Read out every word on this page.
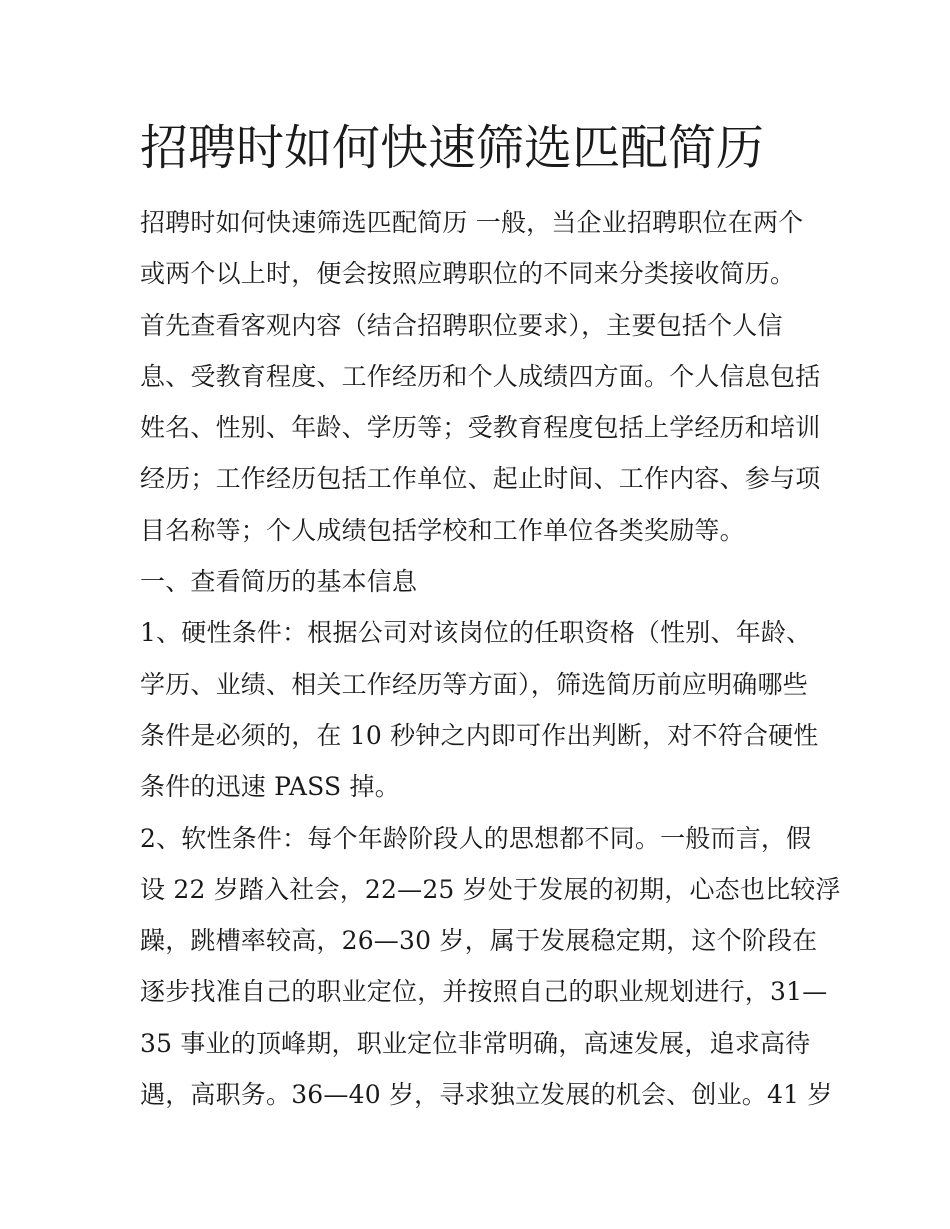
招聘时如何快速筛选匹配简历
招聘时如何快速筛选匹配简历 一般，当企业招聘职位在两个
或两个以上时，便会按照应聘职位的不同来分类接收简历。
首先查看客观内容（结合招聘职位要求），主要包括个人信
息、受教育程度、工作经历和个人成绩四方面。个人信息包括
姓名、性别、年龄、学历等；受教育程度包括上学经历和培训
经历；工作经历包括工作单位、起止时间、工作内容、参与项
目名称等；个人成绩包括学校和工作单位各类奖励等。
一、查看简历的基本信息
1、硬性条件：根据公司对该岗位的任职资格（性别、年龄、
学历、业绩、相关工作经历等方面），筛选简历前应明确哪些
条件是必须的，在 10 秒钟之内即可作出判断，对不符合硬性
条件的迅速 PASS 掉。
2、软性条件：每个年龄阶段人的思想都不同。一般而言，假
设 22 岁踏入社会，22—25 岁处于发展的初期，心态也比较浮
躁，跳槽率较高，26—30 岁，属于发展稳定期，这个阶段在
逐步找准自己的职业定位，并按照自己的职业规划进行，31—
35 事业的顶峰期，职业定位非常明确，高速发展，追求高待
遇，高职务。36—40 岁，寻求独立发展的机会、创业。41 岁
